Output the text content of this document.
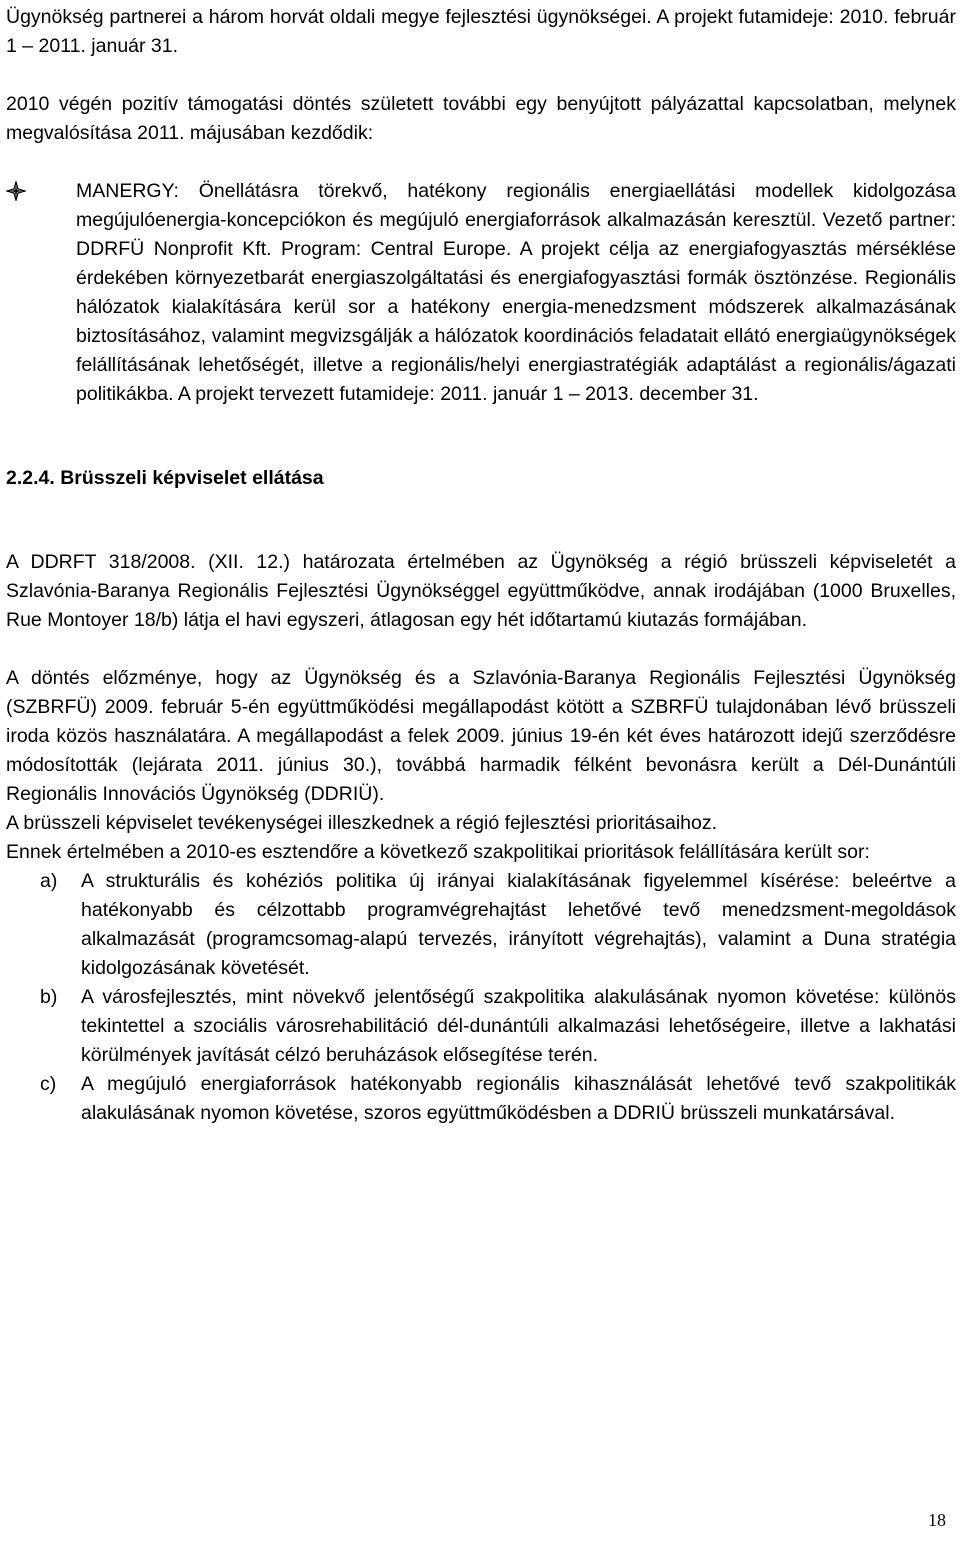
Ügynökség partnerei a három horvát oldali megye fejlesztési ügynökségei. A projekt futamideje: 2010. február 1 – 2011. január 31.

2010 végén pozitív támogatási döntés született további egy benyújtott pályázattal kapcsolatban, melynek megvalósítása 2011. májusában kezdődik:

MANERGY: Önellátásra törekvő, hatékony regionális energiaellátási modellek kidolgozása megújulóenergia-koncepciókon és megújuló energiaforrások alkalmazásán keresztül. Vezető partner: DDRFÜ Nonprofit Kft. Program: Central Europe. A projekt célja az energiafogyasztás mérséklése érdekében környezetbarát energiaszolgáltatási és energiafogyasztási formák ösztönzése. Regionális hálózatok kialakítására kerül sor a hatékony energia-menedzsment módszerek alkalmazásának biztosításához, valamint megvizsgálják a hálózatok koordinációs feladatait ellátó energiaügynökségek felállításának lehetőségét, illetve a regionális/helyi energiastratégiák adaptálást a regionális/ágazati politikákba. A projekt tervezett futamideje: 2011. január 1 – 2013. december 31.

2.2.4. Brüsszeli képviselet ellátása

A DDRFT 318/2008. (XII. 12.) határozata értelmében az Ügynökség a régió brüsszeli képviseletét a Szlavónia-Baranya Regionális Fejlesztési Ügynökséggel együttműködve, annak irodájában (1000 Bruxelles, Rue Montoyer 18/b) látja el havi egyszeri, átlagosan egy hét időtartamú kiutazás formájában.

A döntés előzménye, hogy az Ügynökség és a Szlavónia-Baranya Regionális Fejlesztési Ügynökség (SZBRFÜ) 2009. február 5-én együttműködési megállapodást kötött a SZBRFÜ tulajdonában lévő brüsszeli iroda közös használatára. A megállapodást a felek 2009. június 19-én két éves határozott idejű szerződésre módosították (lejárata 2011. június 30.), továbbá harmadik félként bevonásra került a Dél-Dunántúli Regionális Innovációs Ügynökség (DDRIÜ).

A brüsszeli képviselet tevékenységei illeszkednek a régió fejlesztési prioritásaihoz.

Ennek értelmében a 2010-es esztendőre a következő szakpolitikai prioritások felállítására került sor:

a) A strukturális és kohéziós politika új irányai kialakításának figyelemmel kísérése: beleértve a hatékonyabb és célzottabb programvégrehajtást lehetővé tevő menedzsment-megoldások alkalmazását (programcsomag-alapú tervezés, irányított végrehajtás), valamint a Duna stratégia kidolgozásának követését.
b) A városfejlesztés, mint növekvő jelentőségű szakpolitika alakulásának nyomon követése: különös tekintettel a szociális városrehabilitáció dél-dunántúli alkalmazási lehetőségeire, illetve a lakhatási körülmények javítását célzó beruházások elősegítése terén.
c) A megújuló energiaforrások hatékonyabb regionális kihasználását lehetővé tevő szakpolitikák alakulásának nyomon követése, szoros együttműködésben a DDRIÜ brüsszeli munkatársával.
18
